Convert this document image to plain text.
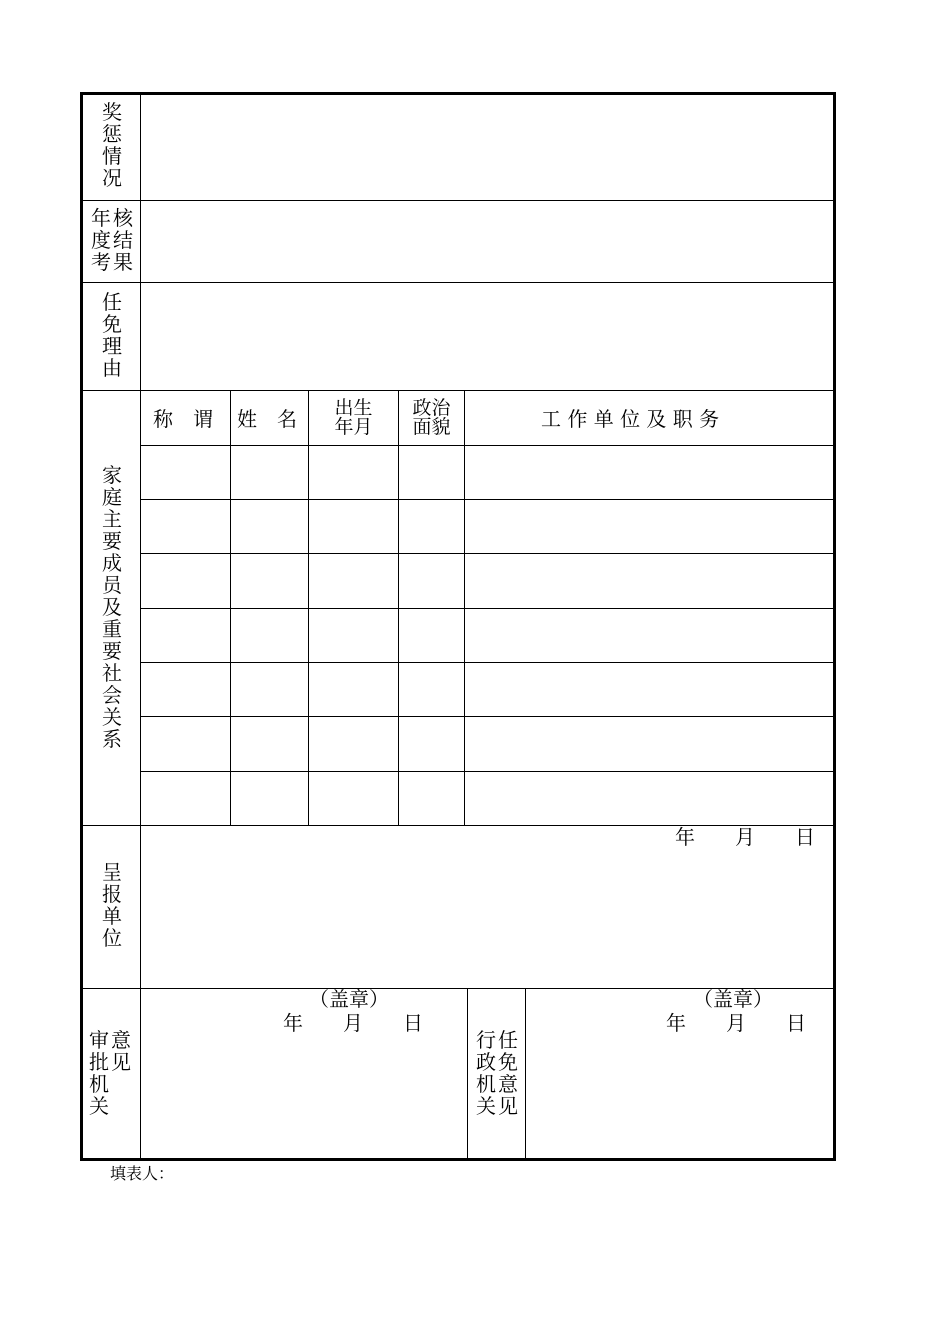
奖惩情况
年度考
核结果
任免理由
家庭主要成员及重要社会关系
称　谓 姓　名 出生
年月
政治
面貌	工 作 单 位 及 职 务
呈报单位
年　　月　　日
审批机关
意见
（盖章）
年　　月　　日
行政机关
任免意见
（盖章）
年　　月　　日
填表人：
